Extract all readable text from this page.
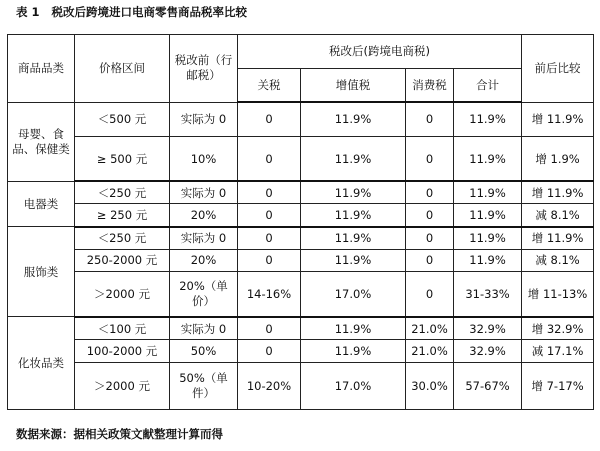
表 1 税改后跨境进口电商零售商品税率比较
商品品类	价格区间	税改前（行邮税）	税改后(跨境电商税)				前后比较
			关税	增值税	消费税	合计	
母婴、食品、保健类	＜500 元	实际为 0	0	11.9%	0	11.9%	增 11.9%
	≥ 500 元	10%	0	11.9%	0	11.9%	增 1.9%
电器类	＜250 元	实际为 0	0	11.9%	0	11.9%	增 11.9%
	≥ 250 元	20%	0	11.9%	0	11.9%	减 8.1%
服饰类	＜250 元	实际为 0	0	11.9%	0	11.9%	增 11.9%
	250-2000 元	20%	0	11.9%	0	11.9%	减 8.1%
	＞2000 元	20%（单价）	14-16%	17.0%	0	31-33%	增 11-13%
化妆品类	＜100 元	实际为 0	0	11.9%	21.0%	32.9%	增 32.9%
	100-2000 元	50%	0	11.9%	21.0%	32.9%	减 17.1%
	＞2000 元	50%（单件）	10-20%	17.0%	30.0%	57-67%	增 7-17%
数据来源：据相关政策文献整理计算而得
